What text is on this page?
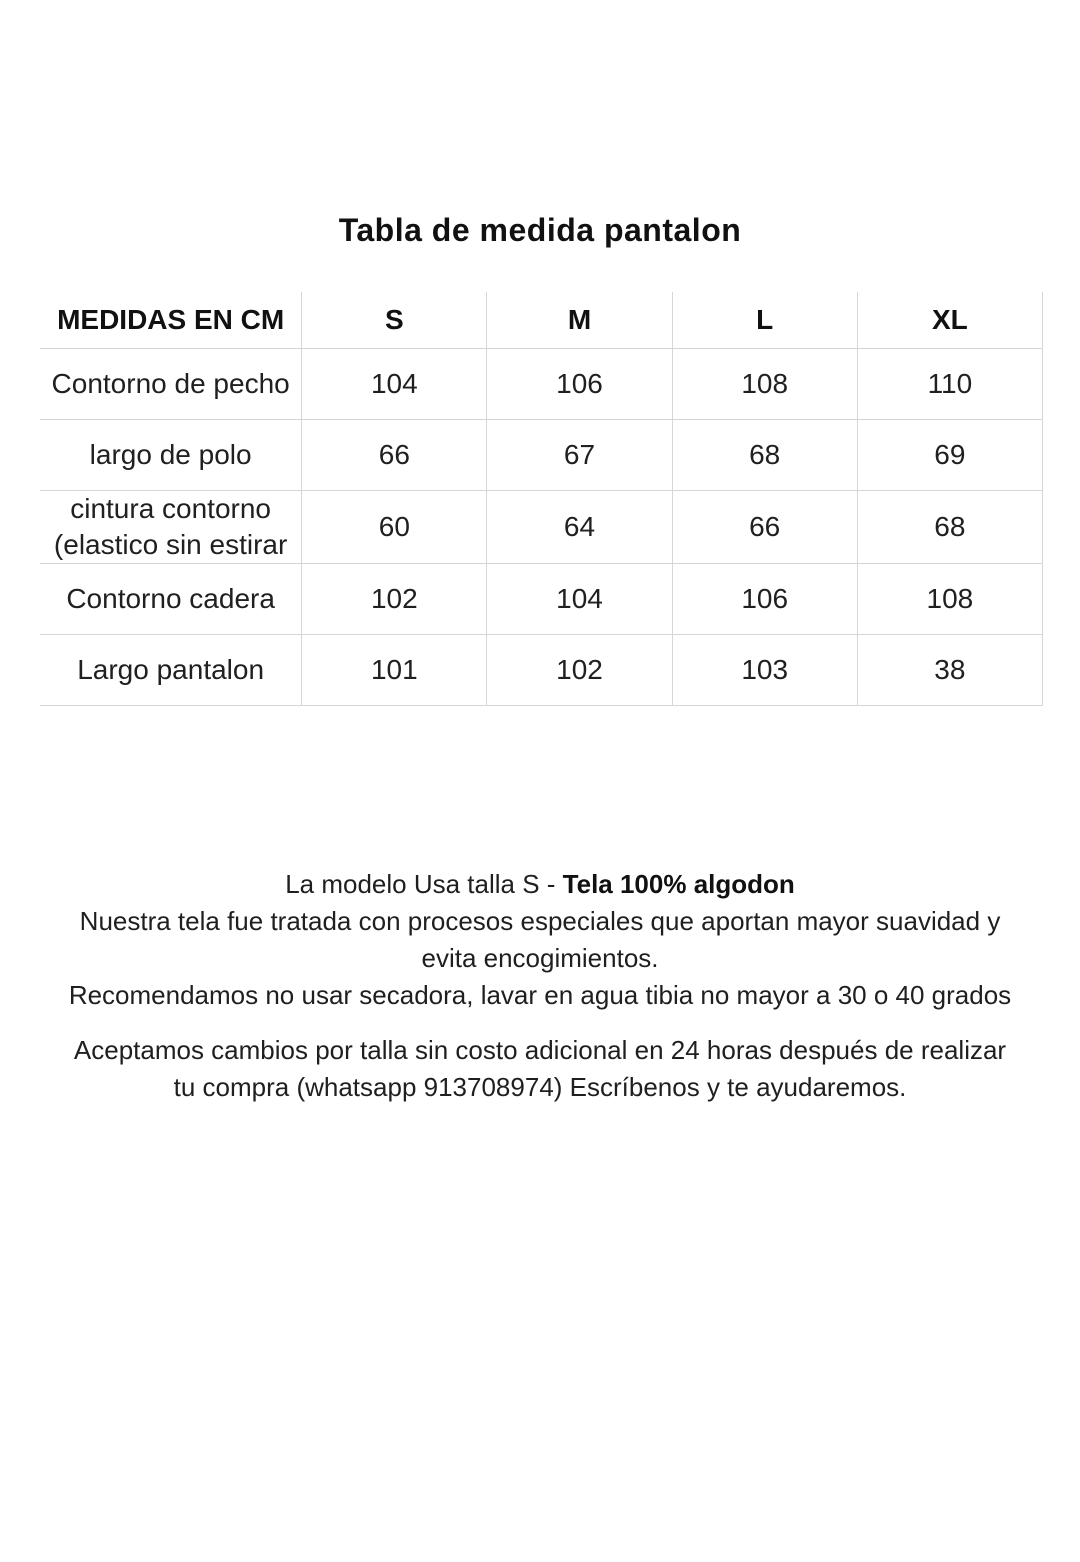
Tabla de medida pantalon
MEDIDAS EN CM	S	M	L	XL

Contorno de pecho	104	106	108	110

largo de polo	66	67	68	69

cintura contorno
(elastico sin estirar	60	64	66	68

Contorno cadera	102	104	106	108

Largo pantalon	101	102	103	38
La modelo Usa talla S - Tela 100% algodon
Nuestra tela fue tratada con procesos especiales que aportan mayor suavidad y
evita encogimientos.
Recomendamos no usar secadora, lavar en agua tibia no mayor a 30 o 40 grados
Aceptamos cambios por talla sin costo adicional en 24 horas después de realizar
tu compra (whatsapp 913708974) Escríbenos y te ayudaremos.
